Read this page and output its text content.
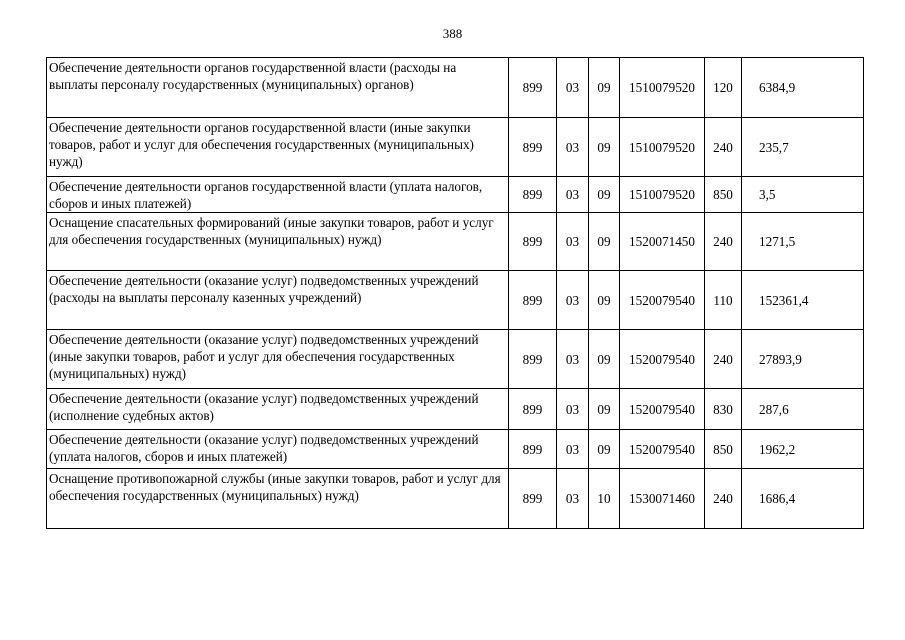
388
Обеспечение деятельности органов государственной власти (расходы на выплаты персоналу государственных (муниципальных) органов)	899	03	09	1510079520	120	6384,9
Обеспечение деятельности органов государственной власти (иные закупки товаров, работ и услуг для обеспечения государственных (муниципальных) нужд)	899	03	09	1510079520	240	235,7
Обеспечение деятельности органов государственной власти (уплата налогов, сборов и иных платежей)	899	03	09	1510079520	850	3,5
Оснащение спасательных формирований (иные закупки товаров, работ и услуг для обеспечения государственных (муниципальных) нужд)	899	03	09	1520071450	240	1271,5
Обеспечение деятельности (оказание услуг) подведомственных учреждений (расходы на выплаты персоналу казенных учреждений)	899	03	09	1520079540	110	152361,4
Обеспечение деятельности (оказание услуг) подведомственных учреждений (иные закупки товаров, работ и услуг для обеспечения государственных (муниципальных) нужд)	899	03	09	1520079540	240	27893,9
Обеспечение деятельности (оказание услуг) подведомственных учреждений (исполнение судебных актов)	899	03	09	1520079540	830	287,6
Обеспечение деятельности (оказание услуг) подведомственных учреждений (уплата налогов, сборов и иных платежей)	899	03	09	1520079540	850	1962,2
Оснащение противопожарной службы (иные закупки товаров, работ и услуг для обеспечения государственных (муниципальных) нужд)	899	03	10	1530071460	240	1686,4
